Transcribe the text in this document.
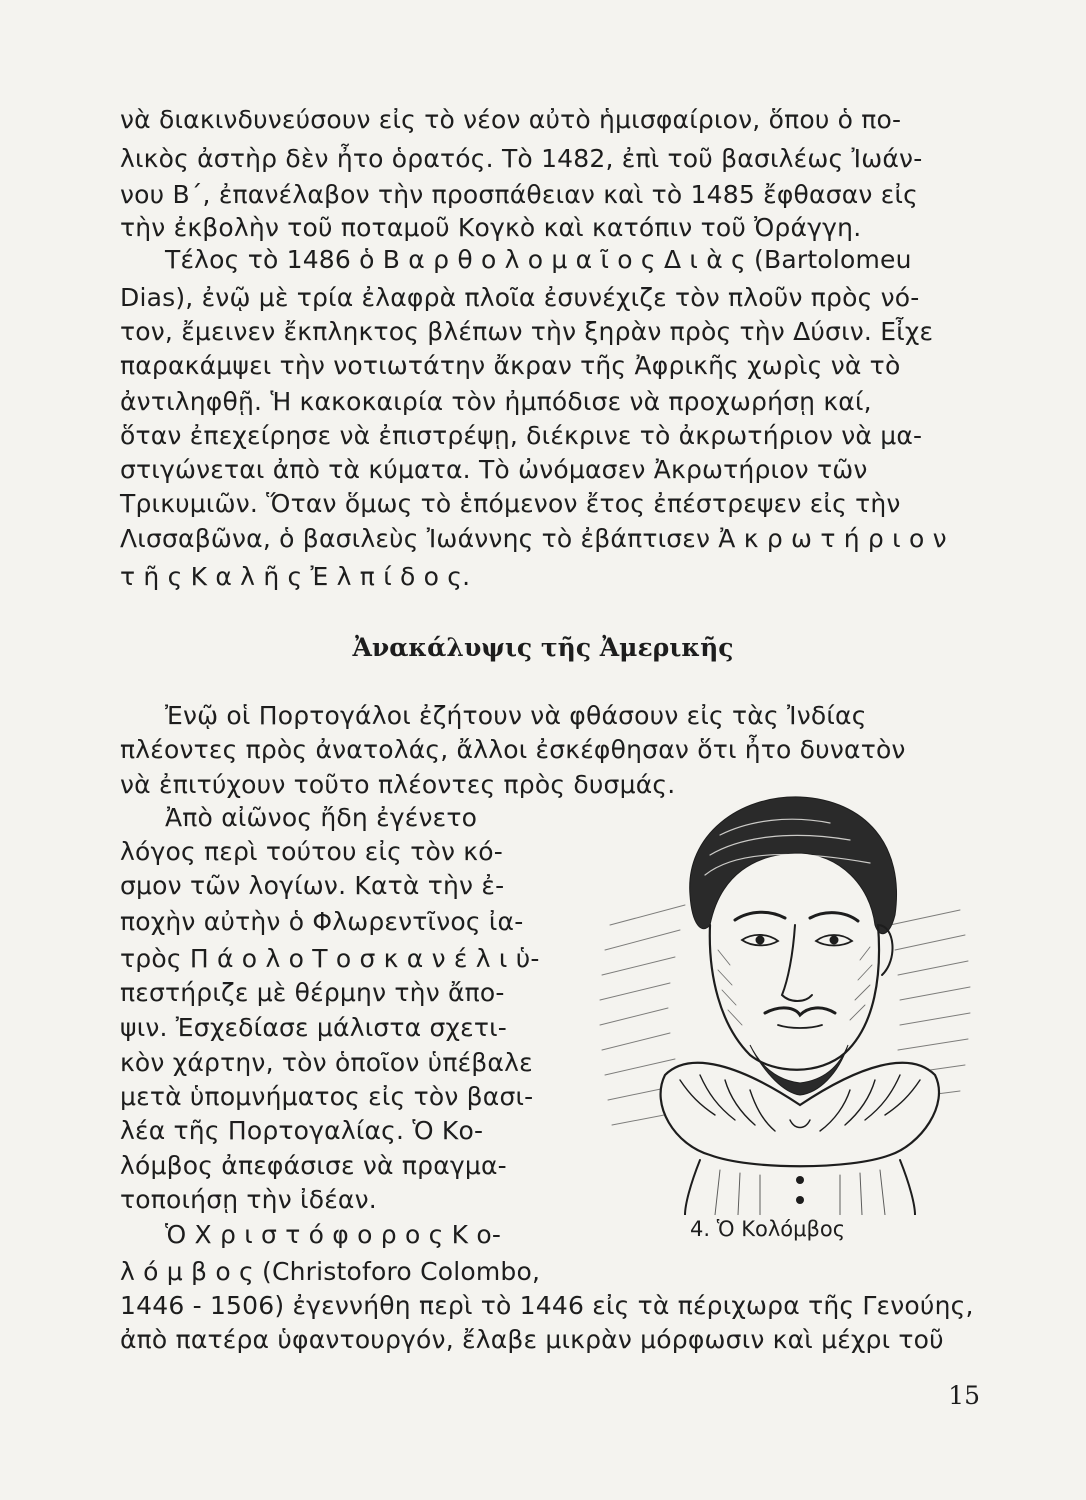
νὰ διακινδυνεύσουν εἰς τὸ νέον αὐτὸ ἡμισφαίριον, ὅπου ὁ πο-
λικὸς ἀστὴρ δὲν ἦτο ὁρατός. Τὸ 1482, ἐπὶ τοῦ βασιλέως Ἰωάν-
νου Β΄, ἐπανέλαβον τὴν προσπάθειαν καὶ τὸ 1485 ἔφθασαν εἰς
τὴν ἐκβολὴν τοῦ ποταμοῦ Κογκὸ καὶ κατόπιν τοῦ Ὀράγγη.
Τέλος τὸ 1486 ὁ Β α ρ θ ο λ ο μ α ῖ ο ς Δ ι ὰ ς (Bartolomeu
Dias), ἐνῷ μὲ τρία ἐλαφρὰ πλοῖα ἐσυνέχιζε τὸν πλοῦν πρὸς νό-
τον, ἔμεινεν ἔκπληκτος βλέπων τὴν ξηρὰν πρὸς τὴν Δύσιν. Εἶχε
παρακάμψει τὴν νοτιωτάτην ἄκραν τῆς Ἀφρικῆς χωρὶς νὰ τὸ
ἀντιληφθῇ. Ἡ κακοκαιρία τὸν ἠμπόδισε νὰ προχωρήσῃ καί,
ὅταν ἐπεχείρησε νὰ ἐπιστρέψῃ, διέκρινε τὸ ἀκρωτήριον νὰ μα-
στιγώνεται ἀπὸ τὰ κύματα. Τὸ ὠνόμασεν Ἀκρωτήριον τῶν
Τρικυμιῶν. Ὅταν ὅμως τὸ ἑπόμενον ἔτος ἐπέστρεψεν εἰς τὴν
Λισσαβῶνα, ὁ βασιλεὺς Ἰωάννης τὸ ἐβάπτισεν Ἀ κ ρ ω τ ή ρ ι ο ν
τ ῆ ς Κ α λ ῆ ς Ἐ λ π ί δ ο ς.
Ἀνακάλυψις τῆς Ἀμερικῆς
Ἐνῷ οἱ Πορτογάλοι ἐζήτουν νὰ φθάσουν εἰς τὰς Ἰνδίας
πλέοντες πρὸς ἀνατολάς, ἄλλοι ἐσκέφθησαν ὅτι ἦτο δυνατὸν
νὰ ἐπιτύχουν τοῦτο πλέοντες πρὸς δυσμάς.
Ἀπὸ αἰῶνος ἤδη ἐγένετο
λόγος περὶ τούτου εἰς τὸν κό-
σμον τῶν λογίων. Κατὰ τὴν ἐ-
ποχὴν αὐτὴν ὁ Φλωρεντῖνος ἰα-
τρὸς Π ά ο λ ο Τ ο σ κ α ν έ λ ι ὑ-
πεστήριζε μὲ θέρμην τὴν ἄπο-
ψιν. Ἐσχεδίασε μάλιστα σχετι-
κὸν χάρτην, τὸν ὁποῖον ὑπέβαλε
μετὰ ὑπομνήματος εἰς τὸν βασι-
λέα τῆς Πορτογαλίας. Ὁ Κο-
λόμβος ἀπεφάσισε νὰ πραγμα-
τοποιήσῃ τὴν ἰδέαν.
Ὁ Χ ρ ι σ τ ό φ ο ρ ο ς Κ ο-
λ ό μ β ο ς (Christoforo Colombo,
1446 - 1506) ἐγεννήθη περὶ τὸ 1446 εἰς τὰ πέριχωρα τῆς Γενούης,
ἀπὸ πατέρα ὑφαντουργόν, ἔλαβε μικρὰν μόρφωσιν καὶ μέχρι τοῦ
4. Ὁ Κολόμβος
15
